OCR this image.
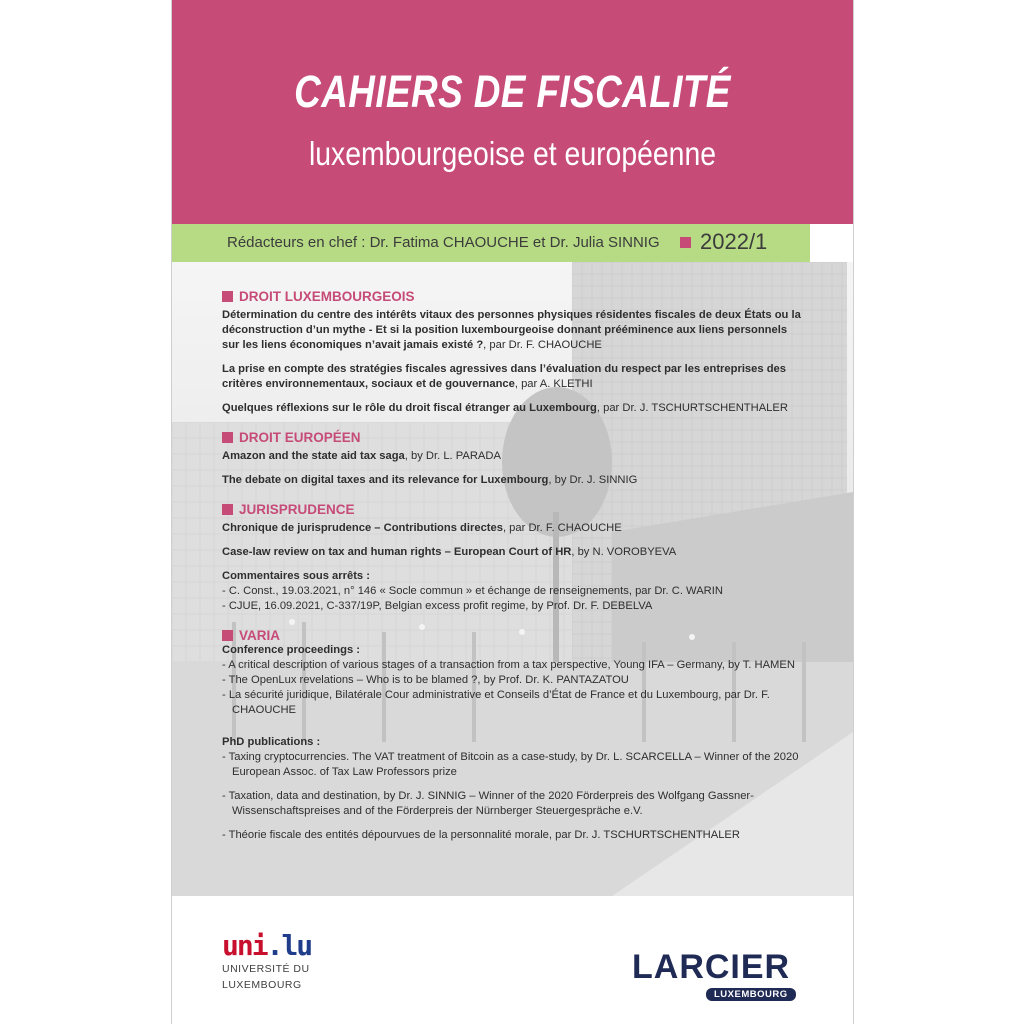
CAHIERS DE FISCALITÉ
luxembourgeoise et européenne
Rédacteurs en chef : Dr. Fatima CHAOUCHE et Dr. Julia SINNIG 2022/1
DROIT LUXEMBOURGEOIS

Détermination du centre des intérêts vitaux des personnes physiques résidentes fiscales de deux États ou la déconstruction d’un mythe - Et si la position luxembourgeoise donnant prééminence aux liens personnels sur les liens économiques n’avait jamais existé ?, par Dr. F. CHAOUCHE

La prise en compte des stratégies fiscales agressives dans l’évaluation du respect par les entreprises des critères environnementaux, sociaux et de gouvernance, par A. KLETHI

Quelques réflexions sur le rôle du droit fiscal étranger au Luxembourg, par Dr. J. TSCHURTSCHENTHALER

DROIT EUROPÉEN

Amazon and the state aid tax saga, by Dr. L. PARADA

The debate on digital taxes and its relevance for Luxembourg, by Dr. J. SINNIG

JURISPRUDENCE

Chronique de jurisprudence – Contributions directes, par Dr. F. CHAOUCHE

Case-law review on tax and human rights – European Court of HR, by N. VOROBYEVA

Commentaires sous arrêts :

- C. Const., 19.03.2021, n° 146 « Socle commun » et échange de renseignements, par Dr. C. WARIN

- CJUE, 16.09.2021, C-337/19P, Belgian excess profit regime, by Prof. Dr. F. DEBELVA

VARIA

Conference proceedings :

- A critical description of various stages of a transaction from a tax perspective, Young IFA – Germany, by T. HAMEN

- The OpenLux revelations – Who is to be blamed ?, by Prof. Dr. K. PANTAZATOU

- La sécurité juridique, Bilatérale Cour administrative et Conseils d’État de France et du Luxembourg, par Dr. F. CHAOUCHE

PhD publications :

- Taxing cryptocurrencies. The VAT treatment of Bitcoin as a case-study, by Dr. L. SCARCELLA – Winner of the 2020 European Assoc. of Tax Law Professors prize

- Taxation, data and destination, by Dr. J. SINNIG – Winner of the 2020 Förderpreis des Wolfgang Gassner-Wissenschaftspreises and of the Förderpreis der Nürnberger Steuergespräche e.V.

- Théorie fiscale des entités dépourvues de la personnalité morale, par Dr. J. TSCHURTSCHENTHALER

uni.lu
UNIVERSITÉ DU
LUXEMBOURG	LARCIER
LUXEMBOURG
